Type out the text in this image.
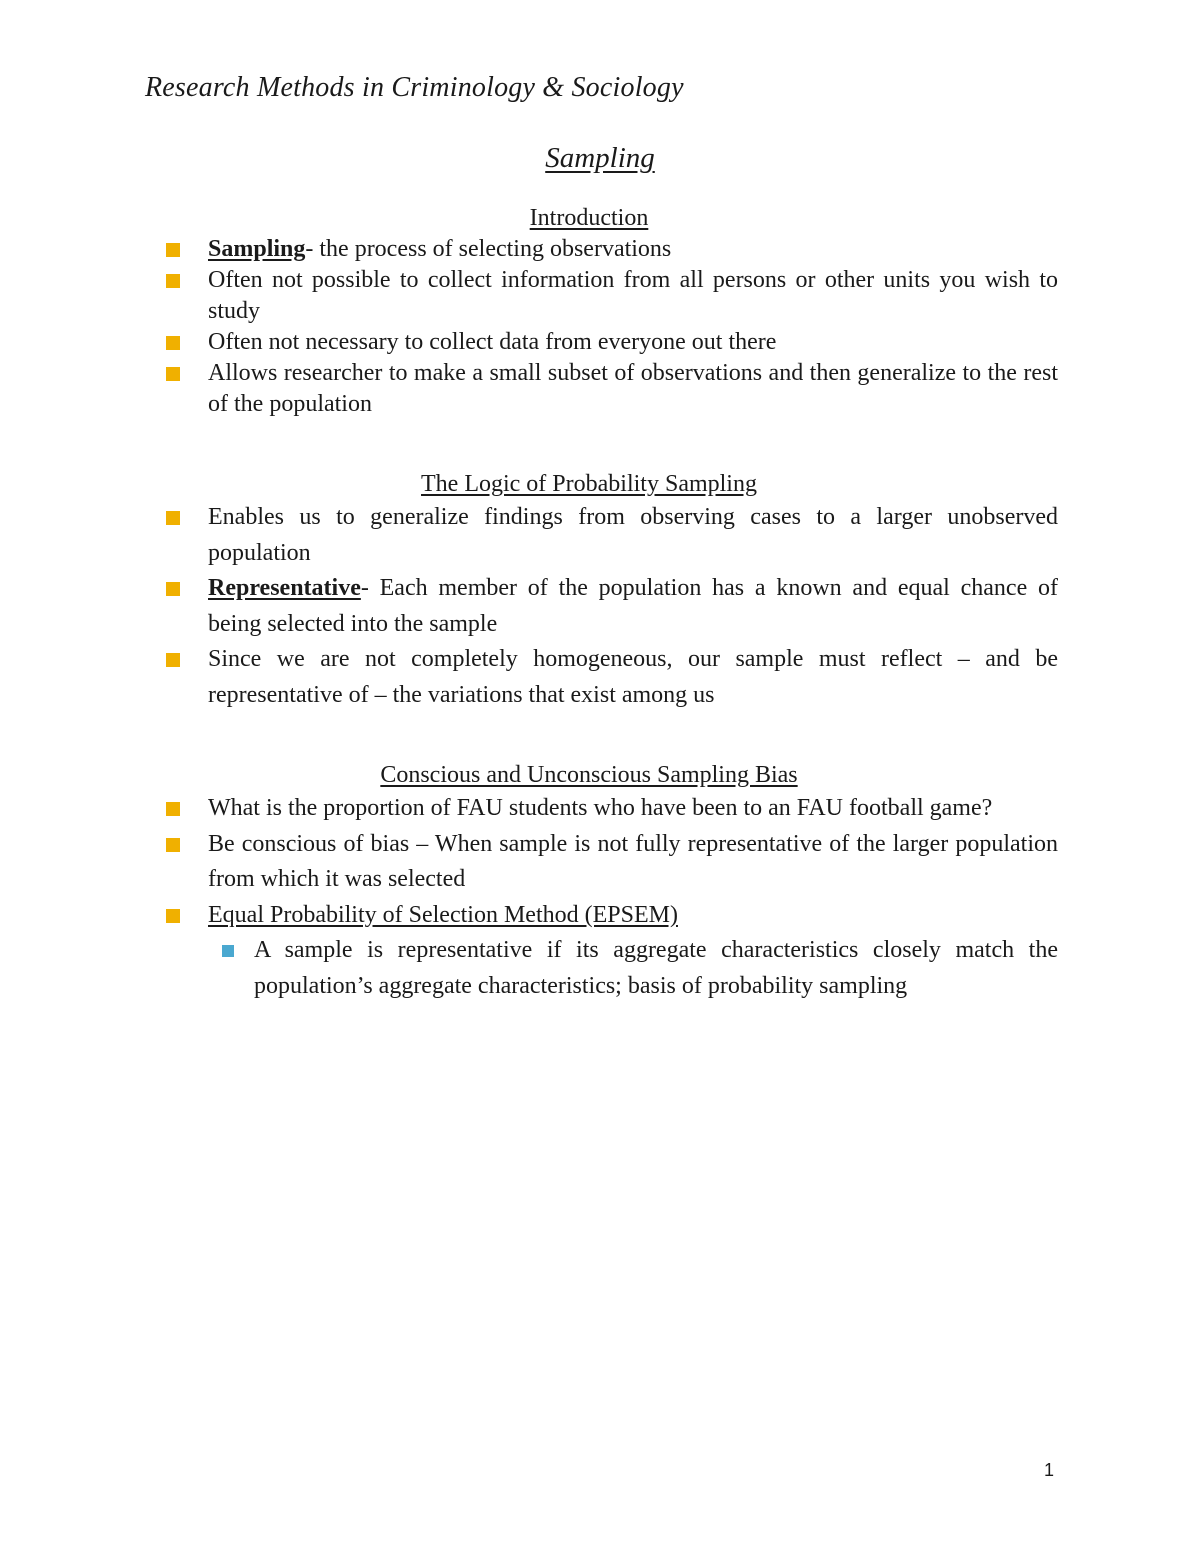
Research Methods in Criminology & Sociology
Sampling
Introduction
Sampling- the process of selecting observations
Often not possible to collect information from all persons or other units you wish to study
Often not necessary to collect data from everyone out there
Allows researcher to make a small subset of observations and then generalize to the rest of the population
The Logic of Probability Sampling
Enables us to generalize findings from observing cases to a larger unobserved population
Representative- Each member of the population has a known and equal chance of being selected into the sample
Since we are not completely homogeneous, our sample must reflect – and be representative of – the variations that exist among us
Conscious and Unconscious Sampling Bias
What is the proportion of FAU students who have been to an FAU football game?
Be conscious of bias – When sample is not fully representative of the larger population from which it was selected
Equal Probability of Selection Method (EPSEM)
A sample is representative if its aggregate characteristics closely match the population’s aggregate characteristics; basis of probability sampling
1
